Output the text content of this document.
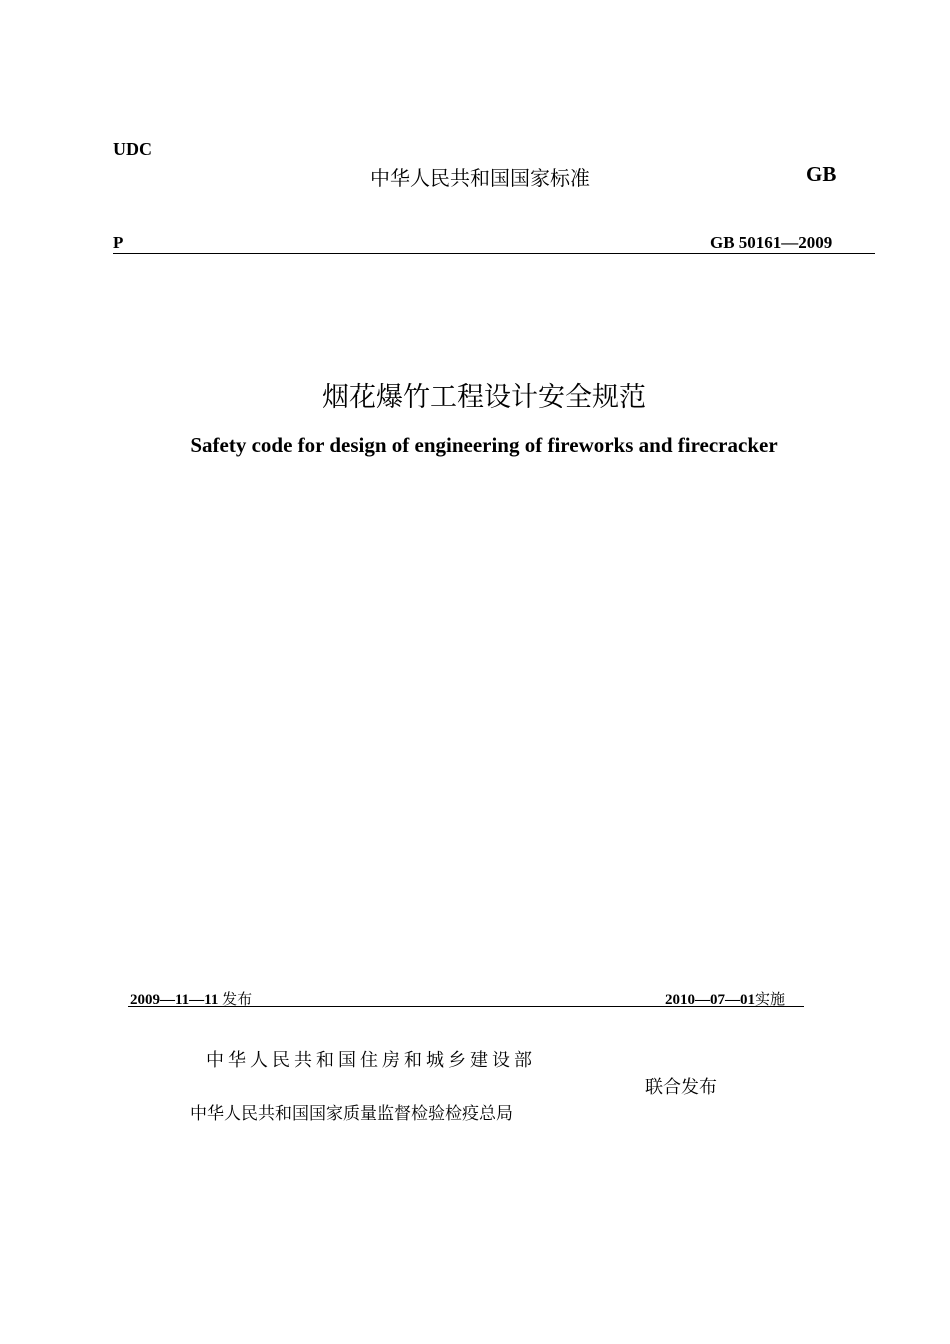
UDC
中华人民共和国国家标准	GB
P	GB 50161—2009
烟花爆竹工程设计安全规范
Safety code for design of engineering of fireworks and firecracker
2009—11—11 发布	2010—07—01实施
中华人民共和国住房和城乡建设部
联合发布
中华人民共和国国家质量监督检验检疫总局
